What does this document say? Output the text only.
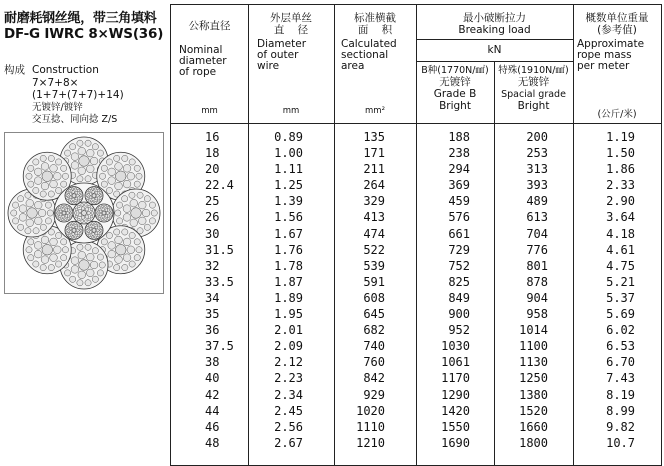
耐磨耗钢丝绳，带三角填料
DF-G IWRC 8×WS(36)
构成 Construction
7×7+8×
(1+7+(7+7)+14)
无镀锌/镀锌
交互捻、同向捻 Z/S
公称直径
Nominal
diameter
of rope
mm
外层单丝
直    径
Diameter
of outer
wire
mm
标准横截
面    积
Calculated
sectional
area
mm²
最小破断拉力
Breaking load
kN
B种(1770N/㎟)
无镀锌
Grade B
Bright
特殊(1910N/㎟)
无镀锌
Spacial grade
Bright
概数单位重量
(参考值)
Approximate
rope mass
per meter
(公斤/米)
16
18
20
22.4
25
26
30
31.5
32
33.5
34
35
36
37.5
38
40
42
44
46
48
0.89
1.00
1.11
1.25
1.39
1.56
1.67
1.76
1.78
1.87
1.89
1.95
2.01
2.09
2.12
2.23
2.34
2.45
2.56
2.67
135
171
211
264
329
413
474
522
539
591
608
645
682
740
760
842
929
1020
1110
1210
188
238
294
369
459
576
661
729
752
825
849
900
952
1030
1061
1170
1290
1420
1550
1690
200
253
313
393
489
613
704
776
801
878
904
958
1014
1100
1130
1250
1380
1520
1660
1800
1.19
1.50
1.86
2.33
2.90
3.64
4.18
4.61
4.75
5.21
5.37
5.69
6.02
6.53
6.70
7.43
8.19
8.99
9.82
10.7
